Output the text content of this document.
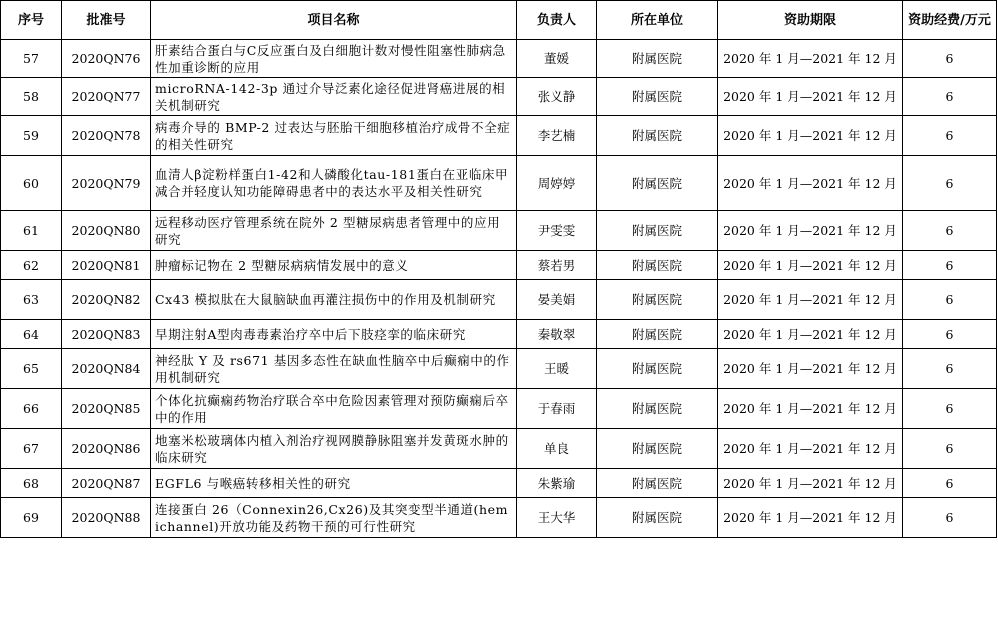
序号	批准号	项目名称	负责人	所在单位	资助期限	资助经费/万元
57	2020QN76	肝素结合蛋白与C反应蛋白及白细胞计数对慢性阻塞性肺病急性加重诊断的应用	董媛	附属医院	2020 年 1 月—2021 年 12 月	6
58	2020QN77	microRNA-142-3p 通过介导泛素化途径促进肾癌进展的相关机制研究	张义静	附属医院	2020 年 1 月—2021 年 12 月	6
59	2020QN78	病毒介导的 BMP-2 过表达与胚胎干细胞移植治疗成骨不全症的相关性研究	李艺楠	附属医院	2020 年 1 月—2021 年 12 月	6
60	2020QN79	血清人β淀粉样蛋白1-42和人磷酸化tau-181蛋白在亚临床甲减合并轻度认知功能障碍患者中的表达水平及相关性研究	周婷婷	附属医院	2020 年 1 月—2021 年 12 月	6
61	2020QN80	远程移动医疗管理系统在院外 2 型糖尿病患者管理中的应用研究	尹雯雯	附属医院	2020 年 1 月—2021 年 12 月	6
62	2020QN81	肿瘤标记物在 2 型糖尿病病情发展中的意义	蔡若男	附属医院	2020 年 1 月—2021 年 12 月	6
63	2020QN82	Cx43 模拟肽在大鼠脑缺血再灌注损伤中的作用及机制研究	晏美娟	附属医院	2020 年 1 月—2021 年 12 月	6
64	2020QN83	早期注射A型肉毒毒素治疗卒中后下肢痉挛的临床研究	秦敬翠	附属医院	2020 年 1 月—2021 年 12 月	6
65	2020QN84	神经肽 Y 及 rs671 基因多态性在缺血性脑卒中后癫痫中的作用机制研究	王暖	附属医院	2020 年 1 月—2021 年 12 月	6
66	2020QN85	个体化抗癫痫药物治疗联合卒中危险因素管理对预防癫痫后卒中的作用	于春雨	附属医院	2020 年 1 月—2021 年 12 月	6
67	2020QN86	地塞米松玻璃体内植入剂治疗视网膜静脉阻塞并发黄斑水肿的临床研究	单良	附属医院	2020 年 1 月—2021 年 12 月	6
68	2020QN87	EGFL6 与喉癌转移相关性的研究	朱紫瑜	附属医院	2020 年 1 月—2021 年 12 月	6
69	2020QN88	连接蛋白 26（Connexin26,Cx26)及其突变型半通道(hemichannel)开放功能及药物干预的可行性研究	王大华	附属医院	2020 年 1 月—2021 年 12 月	6
